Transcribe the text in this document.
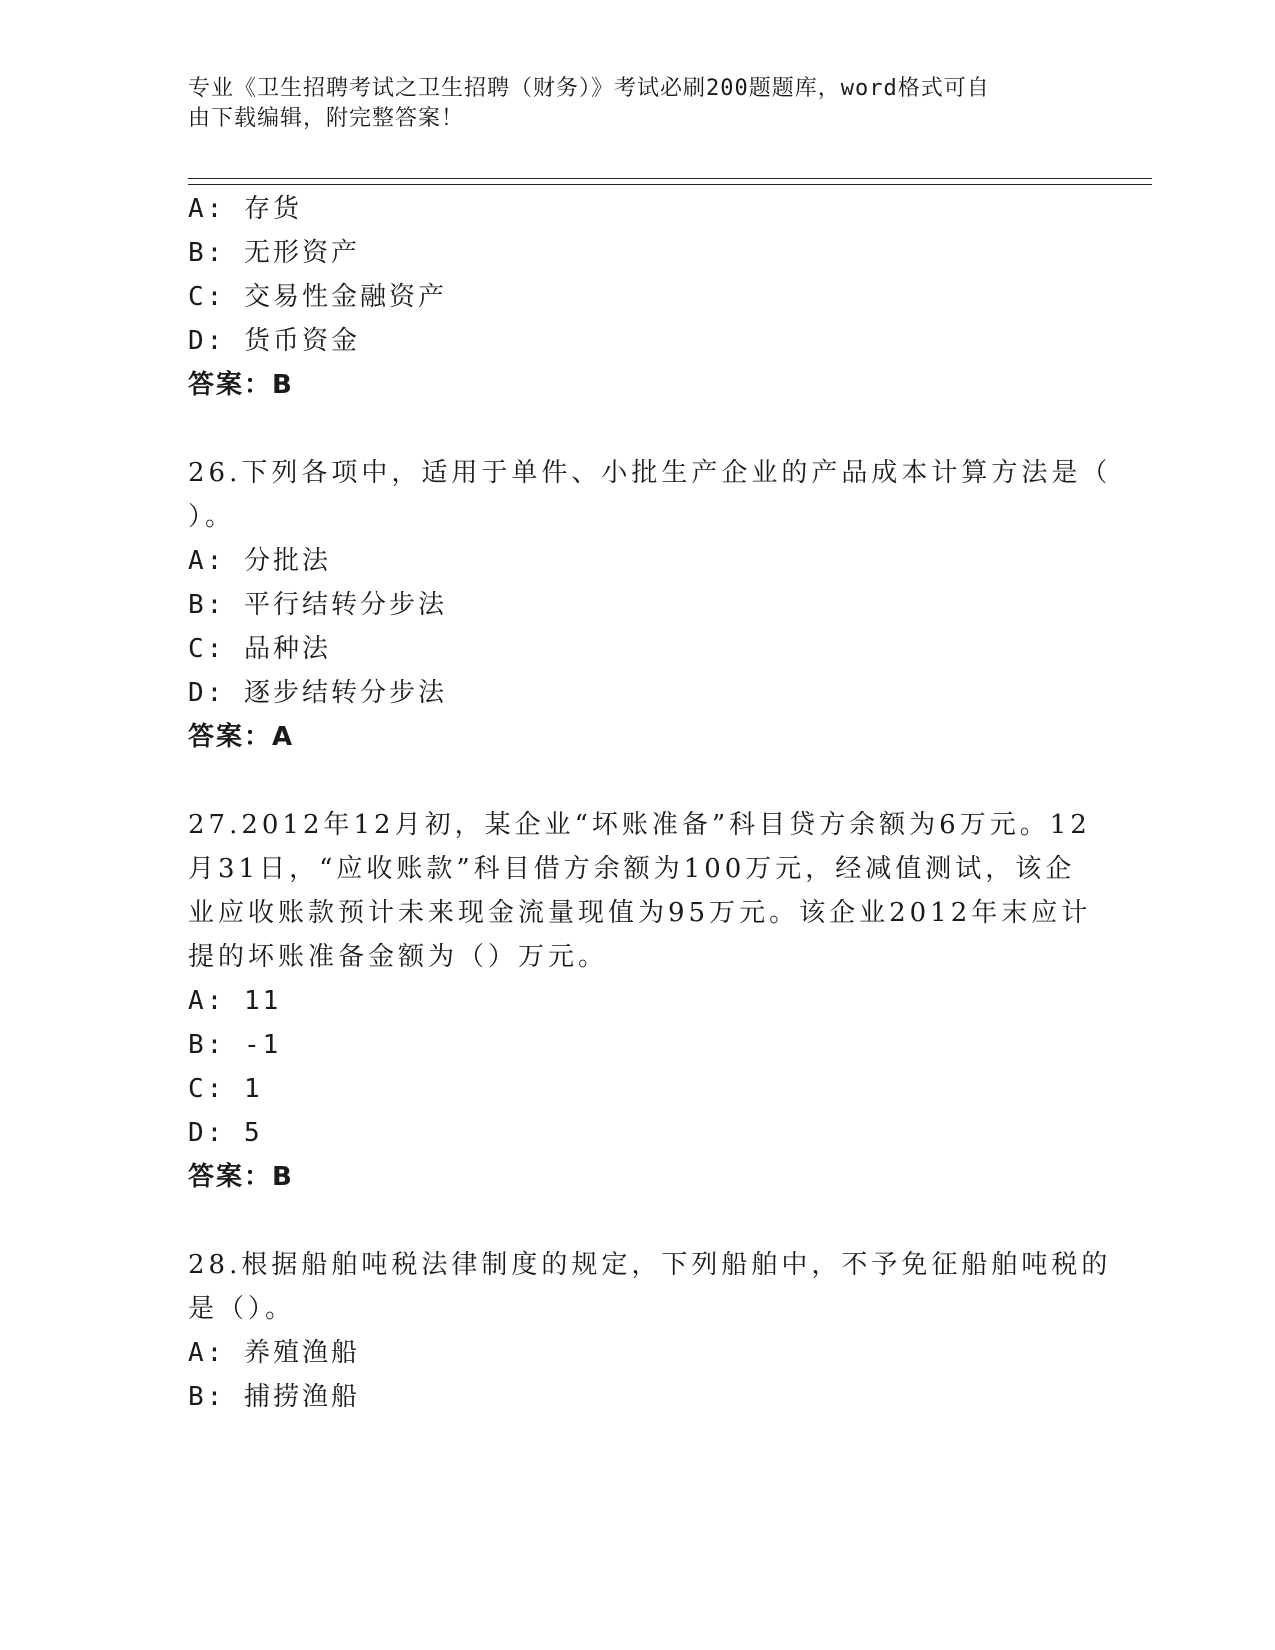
专业《卫生招聘考试之卫生招聘（财务）》考试必刷200题题库，word格式可自
由下载编辑，附完整答案！
A: 存货
B: 无形资产
C: 交易性金融资产
D: 货币资金
答案：B
26.下列各项中，适用于单件、小批生产企业的产品成本计算方法是（
）。
A: 分批法
B: 平行结转分步法
C: 品种法
D: 逐步结转分步法
答案：A
27.2012年12月初，某企业“坏账准备”科目贷方余额为6万元。12
月31日，“应收账款”科目借方余额为100万元，经减值测试，该企
业应收账款预计未来现金流量现值为95万元。该企业2012年末应计
提的坏账准备金额为（）万元。
A: 11
B: -1
C: 1
D: 5
答案：B
28.根据船舶吨税法律制度的规定，下列船舶中，不予免征船舶吨税的
是（）。
A: 养殖渔船
B: 捕捞渔船
